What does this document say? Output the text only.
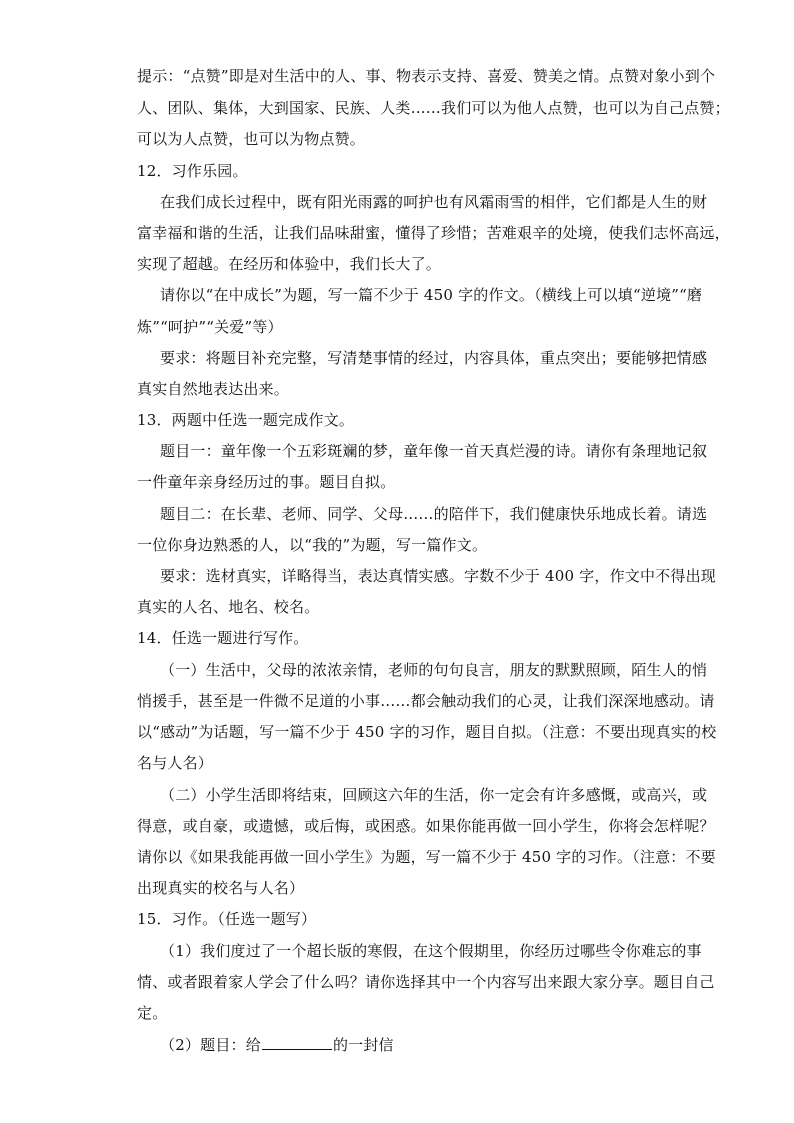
提示：“点赞”即是对生活中的人、事、物表示支持、喜爱、赞美之情。点赞对象小到个
人、团队、集体，大到国家、民族、人类……我们可以为他人点赞，也可以为自己点赞；
可以为人点赞，也可以为物点赞。
12．习作乐园。
在我们成长过程中，既有阳光雨露的呵护也有风霜雨雪的相伴，它们都是人生的财
富幸福和谐的生活，让我们品味甜蜜，懂得了珍惜；苦难艰辛的处境，使我们志怀高远，
实现了超越。在经历和体验中，我们长大了。
请你以“在中成长”为题，写一篇不少于 450 字的作文。（横线上可以填“逆境”“磨
炼”“呵护”“关爱”等）
要求：将题目补充完整，写清楚事情的经过，内容具体，重点突出；要能够把情感
真实自然地表达出来。
13．两题中任选一题完成作文。
题目一：童年像一个五彩斑斓的梦，童年像一首天真烂漫的诗。请你有条理地记叙
一件童年亲身经历过的事。题目自拟。
题目二：在长辈、老师、同学、父母……的陪伴下，我们健康快乐地成长着。请选
一位你身边熟悉的人，以“我的”为题，写一篇作文。
要求：选材真实，详略得当，表达真情实感。字数不少于 400 字，作文中不得出现
真实的人名、地名、校名。
14．任选一题进行写作。
（一）生活中，父母的浓浓亲情，老师的句句良言，朋友的默默照顾，陌生人的悄
悄援手，甚至是一件微不足道的小事……都会触动我们的心灵，让我们深深地感动。请
以“感动”为话题，写一篇不少于 450 字的习作，题目自拟。（注意：不要出现真实的校
名与人名）
（二）小学生活即将结束，回顾这六年的生活，你一定会有许多感慨，或高兴，或
得意，或自豪，或遗憾，或后悔，或困惑。如果你能再做一回小学生，你将会怎样呢？
请你以《如果我能再做一回小学生》为题，写一篇不少于 450 字的习作。（注意：不要
出现真实的校名与人名）
15．习作。（任选一题写）
（1）我们度过了一个超长版的寒假，在这个假期里，你经历过哪些令你难忘的事
情、或者跟着家人学会了什么吗？请你选择其中一个内容写出来跟大家分享。题目自己
定。
（2）题目：给	的一封信
